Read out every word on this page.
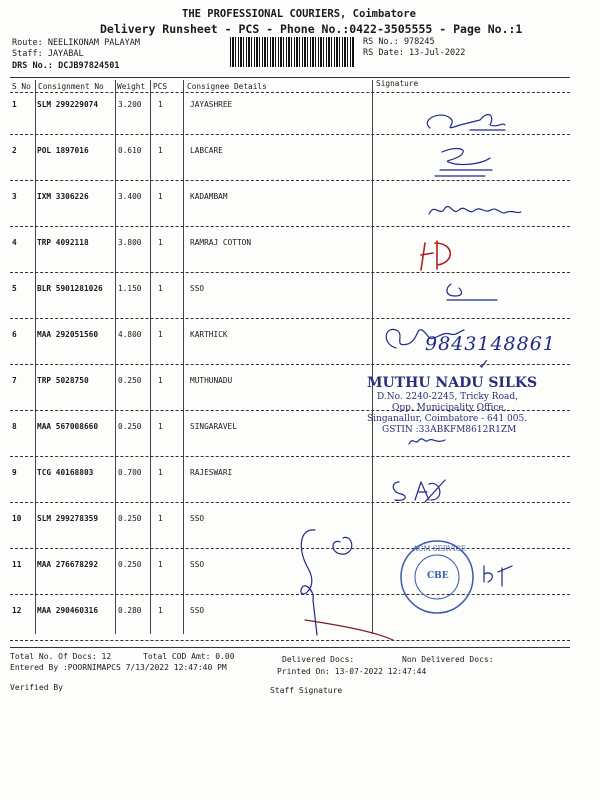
THE PROFESSIONAL COURIERS, Coimbatore
Delivery Runsheet - PCS - Phone No.:0422-3505555 - Page No.:1
Route: NEELIKONAM PALAYAM
Staff: JAYABAL
DRS No.: DCJB97824501
RS No.: 978245
RS Date: 13-Jul-2022
S No Consignment No Weight PCS	Consignee Details	Signature
1	SLM 299229074	3.200 1	JAYASHREE
2	POL 1897016	0.610 1	LABCARE
3	IXM 3306226	3.400 1	KADAMBAM
4	TRP 4092118	3.800 1	RAMRAJ COTTON
5	BLR 5901281026 1.150 1	SSO
6	MAA 292051560	4.800 1	KARTHICK
7	TRP 5028750	0.250 1	MUTHUNADU
8	MAA 567008660	0.250 1	SINGARAVEL
9	TCG 40168803	0.700 1	RAJESWARI
10 SLM 299278359	0.250 1	SSO
11 MAA 276678292	0.250 1	SSO
12 MAA 290460316	0.280 1	SSO
9843148861
✓
MUTHU NADU SILKS
D.No. 2240-2245, Tricky Road,
Opp. Municipality Office,
Singanallur, Coimbatore - 641 005.
GSTIN :33ABKFM8612R1ZM
ACM SERVICE
CBE
Total No. Of Docs: 12	Total COD Amt: 0.00	Delivered Docs:	Non Delivered Docs:
Entered By :POORNIMAPCS 7/13/2022 12:47:40 PM	Printed On: 13-07-2022 12:47:44
Verified By	Staff Signature
